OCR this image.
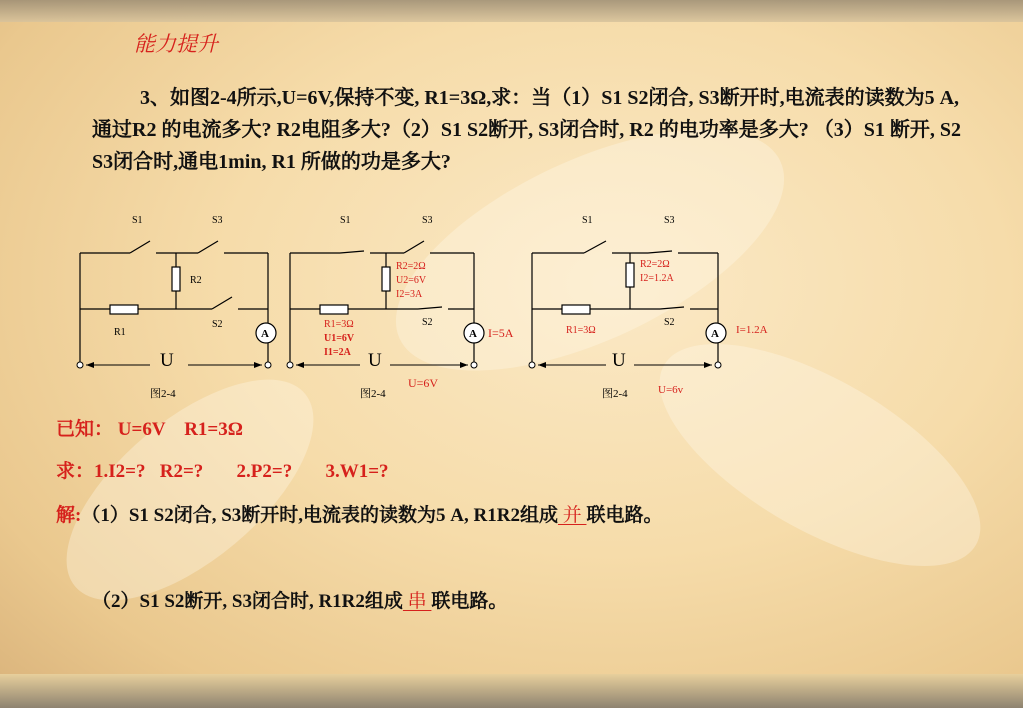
能力提升
3、如图2-4所示,U=6V,保持不变, R1=3Ω,求：当（1）S1 S2闭合, S3断开时,电流表的读数为5 A,通过R2 的电流多大? R2电阻多大?（2）S1 S2断开, S3闭合时, R2 的电功率是多大? （3）S1 断开, S2 S3闭合时,通电1min, R1 所做的功是多大?
S1	S3
R2
S2
R1	A
U
图2-4
S1	S3
R2=2Ω
U2=6V
I2=3A
S2
R1=3Ω
U1=6V
I1=2A
A I=5A
U
U=6V
图2-4
S1	S3
R2=2Ω
I2=1.2A
S2
R1=3Ω	A I=1.2A
U
U=6v
图2-4
已知： U=6V    R1=3Ω
求：1.I2=?   R2=?       2.P2=?       3.W1=?
解:（1）S1 S2闭合, S3断开时,电流表的读数为5 A, R1R2组成 并 联电路。
（2）S1 S2断开, S3闭合时, R1R2组成 串 联电路。
